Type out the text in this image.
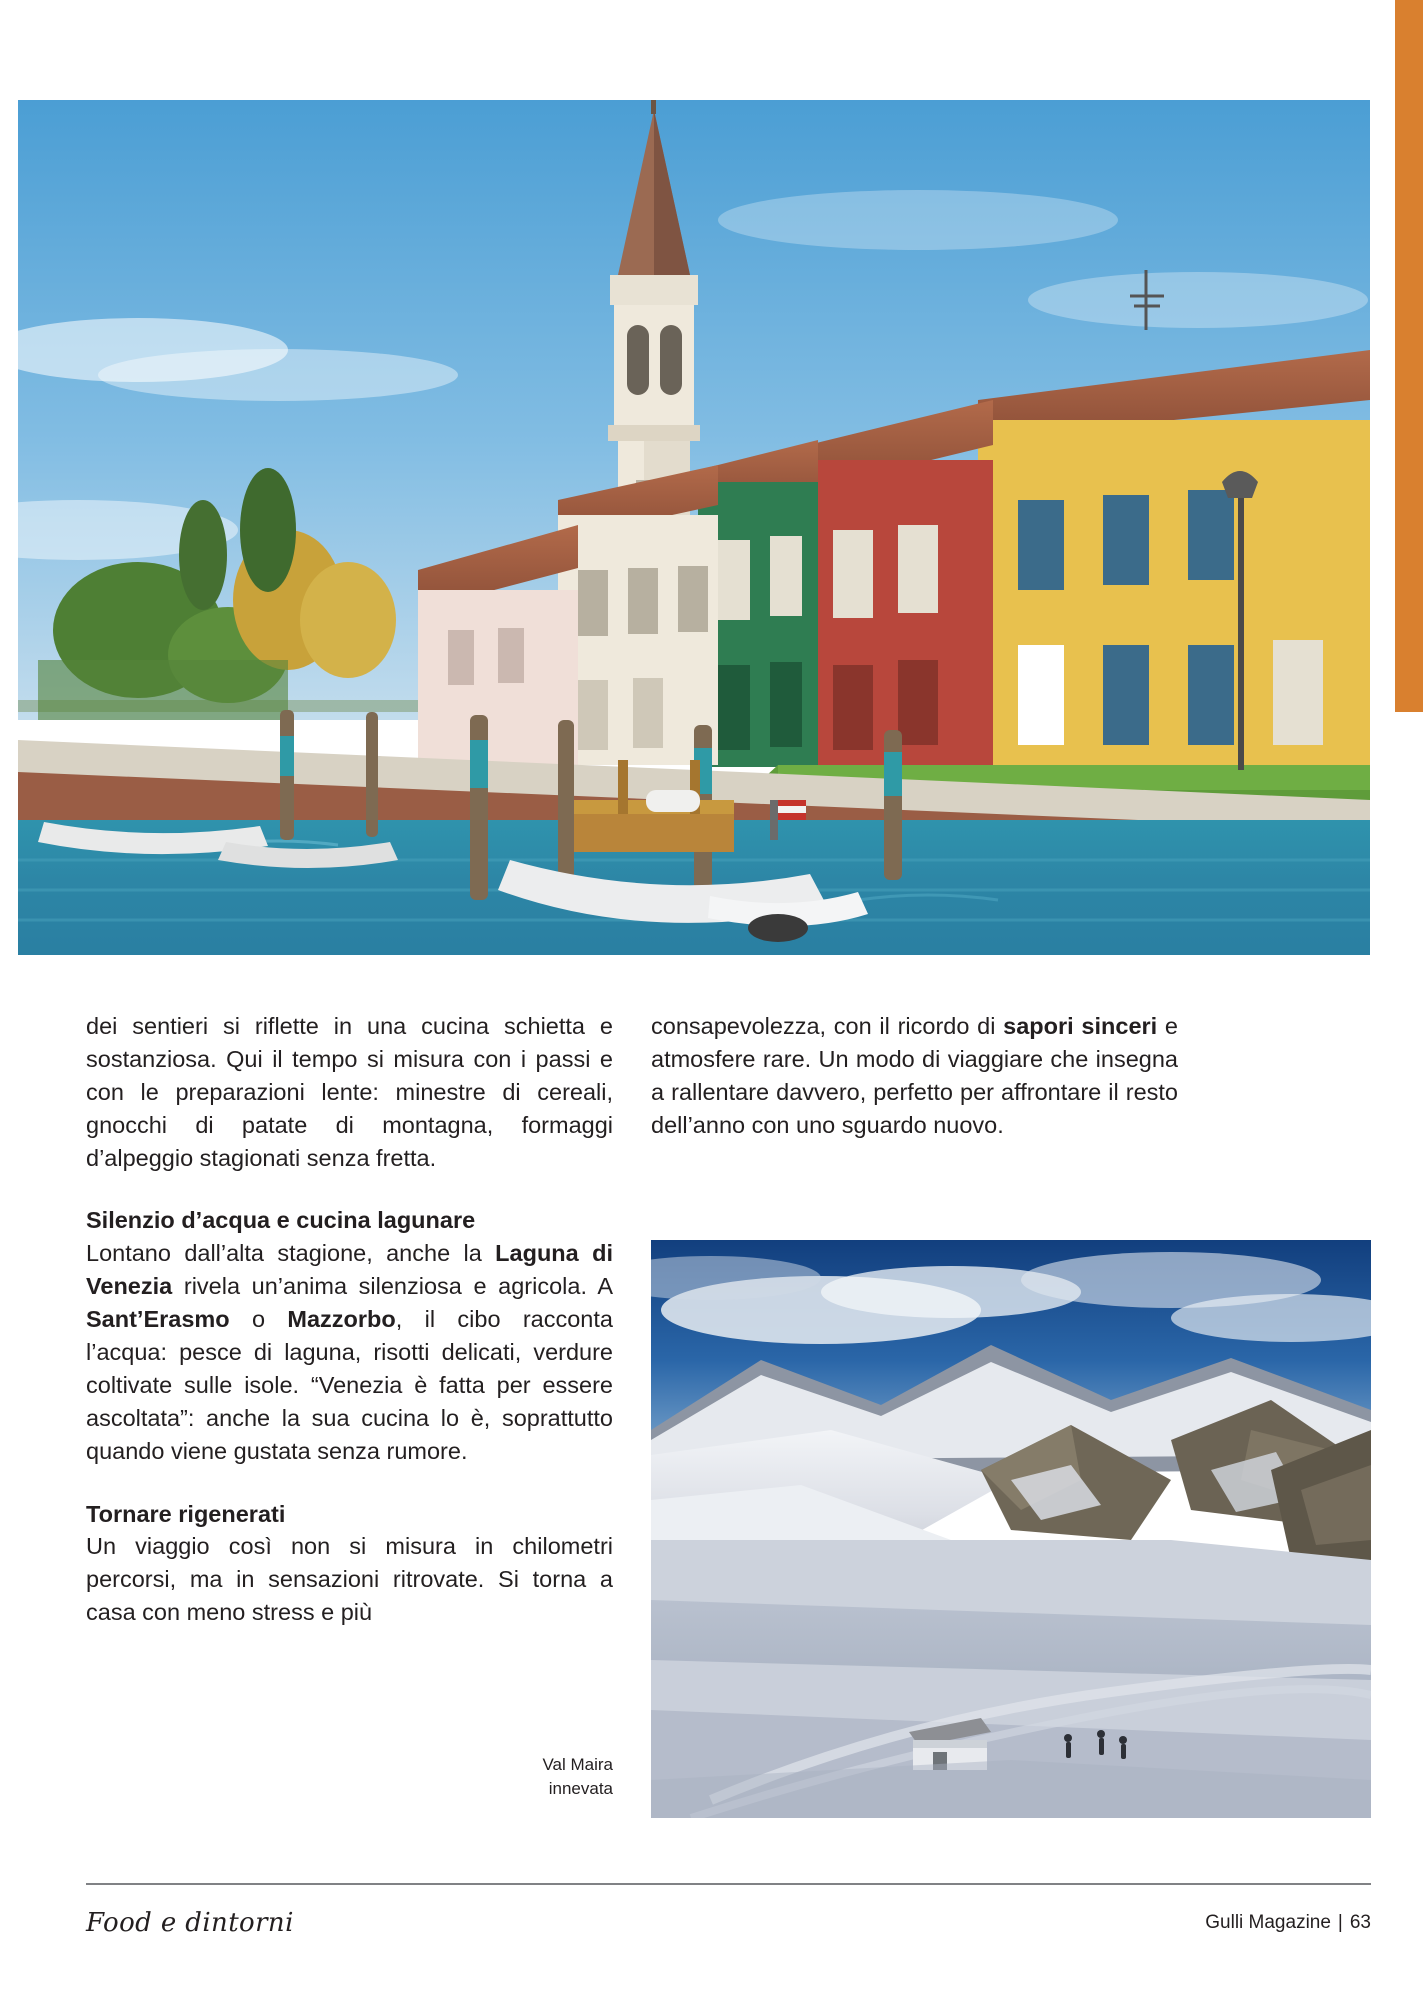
dei sentieri si riflette in una cucina schietta e sostanziosa. Qui il tempo si misura con i passi e con le preparazioni lente: minestre di cereali, gnocchi di patate di montagna, formaggi d’alpeggio stagionati senza fretta.

Silenzio d’acqua e cucina lagunare

Lontano dall’alta stagione, anche la Laguna di Venezia rivela un’anima silenziosa e agricola. A Sant’Erasmo o Mazzorbo, il cibo racconta l’acqua: pesce di laguna, risotti delicati, verdure coltivate sulle isole. “Venezia è fatta per essere ascoltata”: anche la sua cucina lo è, soprattutto quando viene gustata senza rumore.

Tornare rigenerati

Un viaggio così non si misura in chilometri percorsi, ma in sensazioni ritrovate. Si torna a casa con meno stress e più

consapevolezza, con il ricordo di sapori sinceri e atmosfere rare. Un modo di viaggiare che insegna a rallentare davvero, perfetto per affrontare il resto dell’anno con uno sguardo nuovo.

Val Maira
innevata
Food e dintorni	Gulli Magazine | 63
